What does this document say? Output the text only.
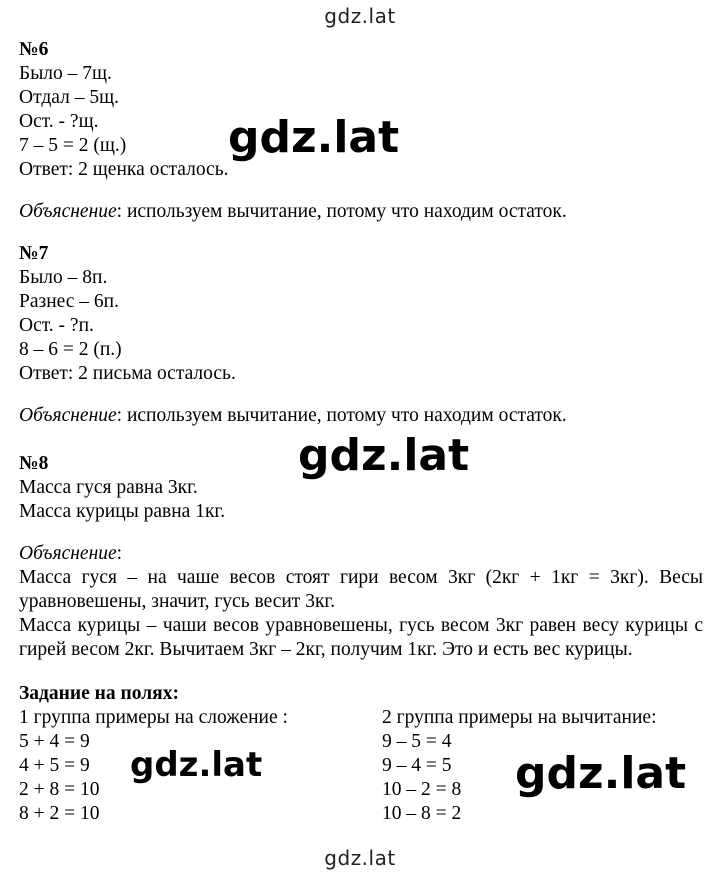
gdz.lat
gdz.lat
gdz.lat
gdz.lat
gdz.lat	gdz.lat
№6
Было – 7щ.
Отдал – 5щ.
Ост. - ?щ.
7 – 5 = 2 (щ.)
Ответ: 2 щенка осталось.
Объяснение: используем вычитание, потому что находим остаток.
№7
Было – 8п.
Разнес – 6п.
Ост. - ?п.
8 – 6 = 2 (п.)
Ответ: 2 письма осталось.
Объяснение: используем вычитание, потому что находим остаток.
№8
Масса гуся равна 3кг.
Масса курицы равна 1кг.
Объяснение:
Масса гуся – на чаше весов стоят гири весом 3кг (2кг + 1кг = 3кг). Весы уравновешены, значит, гусь весит 3кг.
Масса курицы – чаши весов уравновешены, гусь весом 3кг равен весу курицы с гирей весом 2кг. Вычитаем 3кг – 2кг, получим 1кг. Это и есть вес курицы.
Задание на полях:
1 группа примеры на сложение :
5 + 4 = 9
4 + 5 = 9
2 + 8 = 10
8 + 2 = 10
2 группа примеры на вычитание:
9 – 5 = 4
9 – 4 = 5
10 – 2 = 8
10 – 8 = 2
